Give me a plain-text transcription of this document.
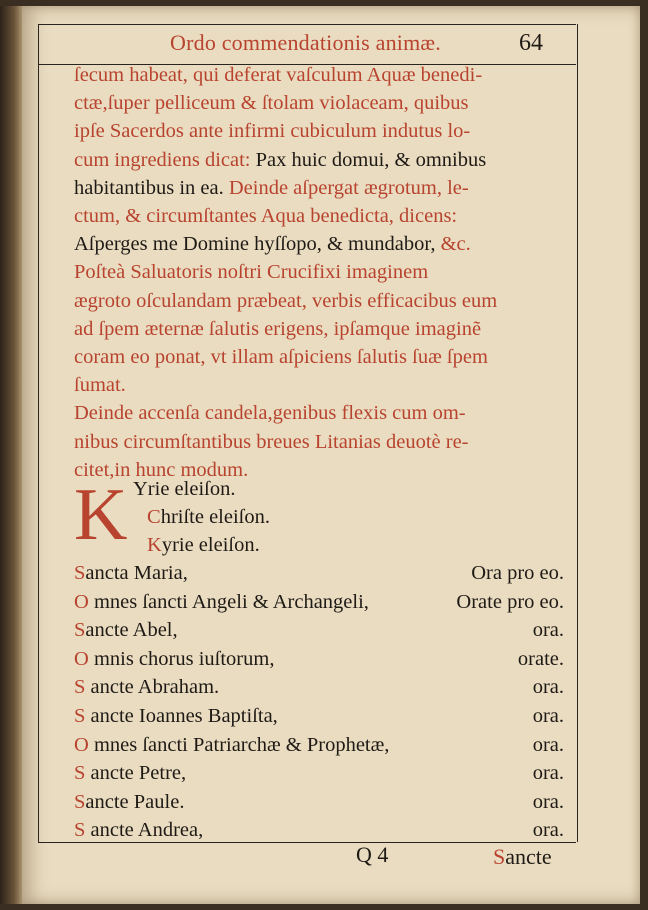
Ordo commendationis animæ.	64
ſecum habeat, qui deferat vaſculum Aquæ benedi-
ctæ,ſuper pelliceum & ſtolam violaceam, quibus
ipſe Sacerdos ante infirmi cubiculum indutus lo-
cum ingrediens dicat: Pax huic domui, & omnibus
habitantibus in ea. Deinde aſpergat ægrotum, le-
ctum, & circumſtantes Aqua benedicta, dicens:
Aſperges me Domine hyſſopo, & mundabor, &c.
Poſteà Saluatoris noſtri Crucifixi imaginem
ægroto oſculandam præbeat, verbis efficacibus eum
ad ſpem æternæ ſalutis erigens, ipſamque imaginẽ
coram eo ponat, vt illam aſpiciens ſalutis ſuæ ſpem
ſumat.
Deinde accenſa candela,genibus flexis cum om-
nibus circumſtantibus breues Litanias deuotè re-
citet,in hunc modum.
K Yrie eleiſon.
Chriſte eleiſon.
Kyrie eleiſon.
Sancta Maria,	Ora pro eo.
O mnes ſancti Angeli & Archangeli,	Orate pro eo.
Sancte Abel,	ora.
O mnis chorus iuſtorum,	orate.
S ancte Abraham.	ora.
S ancte Ioannes Baptiſta,	ora.
O mnes ſancti Patriarchæ & Prophetæ,	ora.
S ancte Petre,	ora.
Sancte Paule.	ora.
S ancte Andrea,	ora.
Q 4	Sancte
